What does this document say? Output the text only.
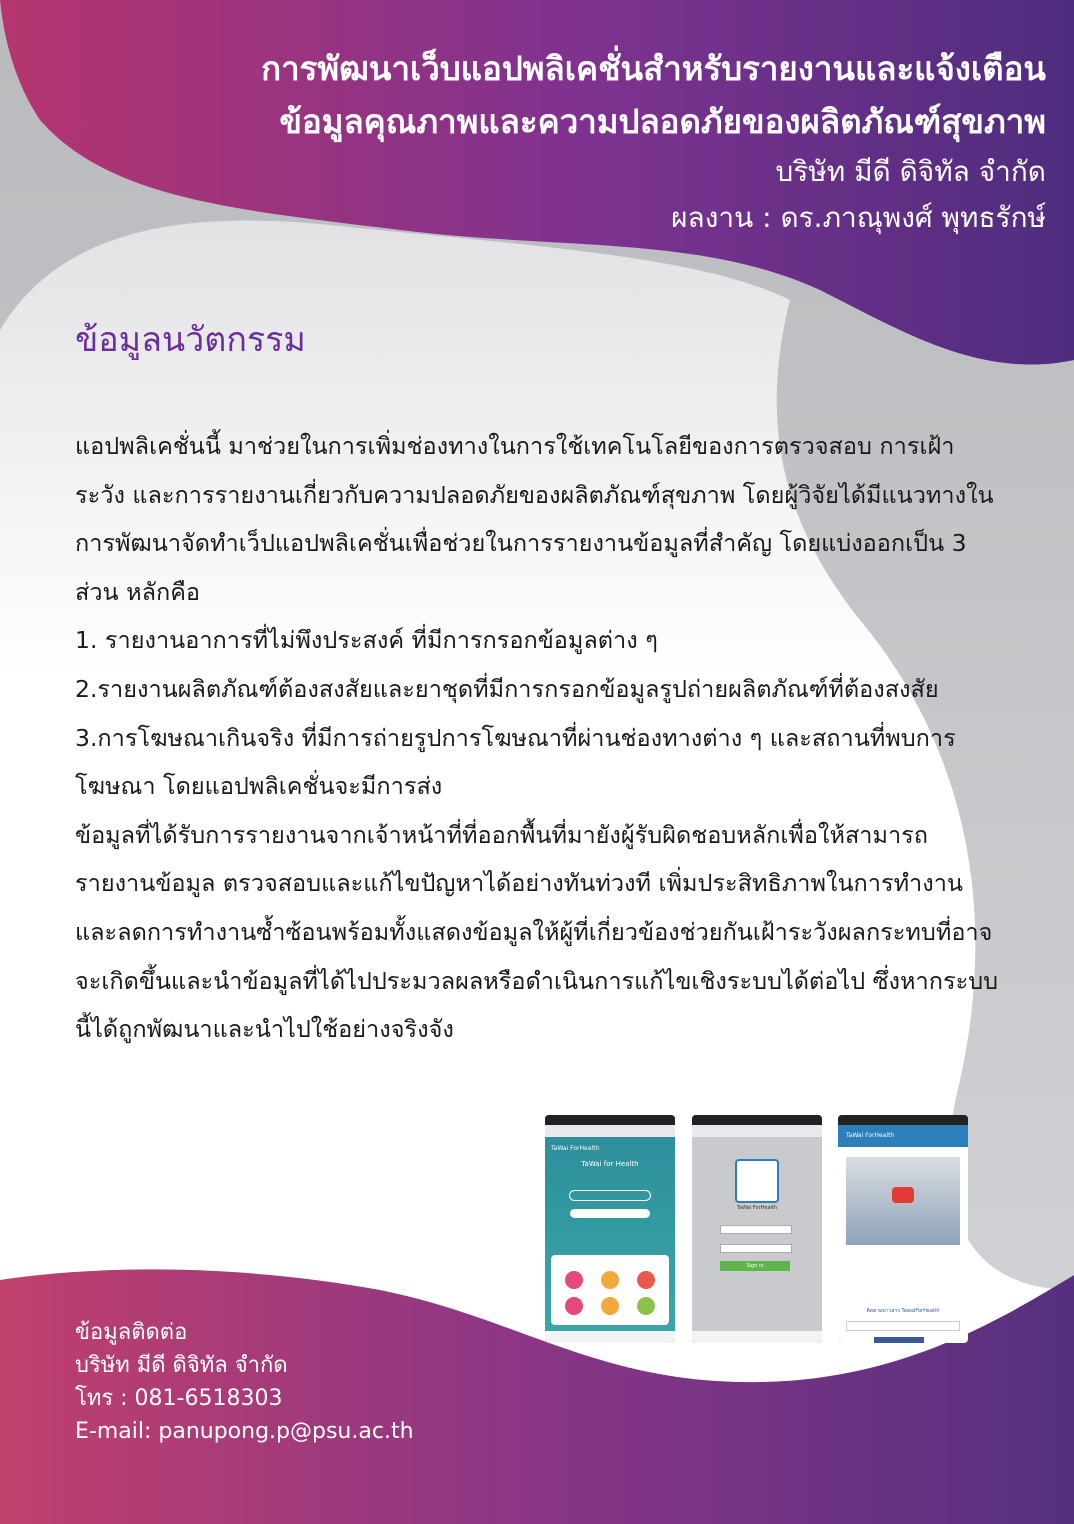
การพัฒนาเว็บแอปพลิเคชั่นสำหรับรายงานและแจ้งเตือน
ข้อมูลคุณภาพและความปลอดภัยของผลิตภัณฑ์สุขภาพ
บริษัท มีดี ดิจิทัล จำกัด
ผลงาน : ดร.ภาณุพงศ์ พุทธรักษ์
ข้อมูลนวัตกรรม

แอปพลิเคชั่นนี้ มาช่วยในการเพิ่มช่องทางในการใช้เทคโนโลยีของการตรวจสอบ การเฝ้าระวัง และการรายงานเกี่ยวกับความปลอดภัยของผลิตภัณฑ์สุขภาพ โดยผู้วิจัยได้มีแนวทางในการพัฒนาจัดทำเว็ปแอปพลิเคชั่นเพื่อช่วยในการรายงานข้อมูลที่สำคัญ โดยแบ่งออกเป็น 3 ส่วน หลักคือ

1. รายงานอาการที่ไม่พึงประสงค์ ที่มีการกรอกข้อมูลต่าง ๆ

2.รายงานผลิตภัณฑ์ต้องสงสัยและยาชุดที่มีการกรอกข้อมูลรูปถ่ายผลิตภัณฑ์ที่ต้องสงสัย

3.การโฆษณาเกินจริง ที่มีการถ่ายรูปการโฆษณาที่ผ่านช่องทางต่าง ๆ และสถานที่พบการโฆษณา โดยแอปพลิเคชั่นจะมีการส่ง

ข้อมูลที่ได้รับการรายงานจากเจ้าหน้าที่ที่ออกพื้นที่มายังผู้รับผิดชอบหลักเพื่อให้สามารถรายงานข้อมูล ตรวจสอบและแก้ไขปัญหาได้อย่างทันท่วงที เพิ่มประสิทธิภาพในการทำงานและลดการทำงานซ้ำซ้อนพร้อมทั้งแสดงข้อมูลให้ผู้ที่เกี่ยวข้องช่วยกันเฝ้าระวังผลกระทบที่อาจจะเกิดขึ้นและนำข้อมูลที่ได้ไปประมวลผลหรือดำเนินการแก้ไขเชิงระบบได้ต่อไป ซึ่งหากระบบนี้ได้ถูกพัฒนาและนำไปใช้อย่างจริงจัง

TaWai ForHealth
TaWai for Health
TaWai ForHealth
Sign in
TaWai ForHealth
ติดตามข่าวสาร TawaiForHealth
ข้อมูลติดต่อ
บริษัท มีดี ดิจิทัล จำกัด
โทร : 081-6518303
E-mail: panupong.p@psu.ac.th
